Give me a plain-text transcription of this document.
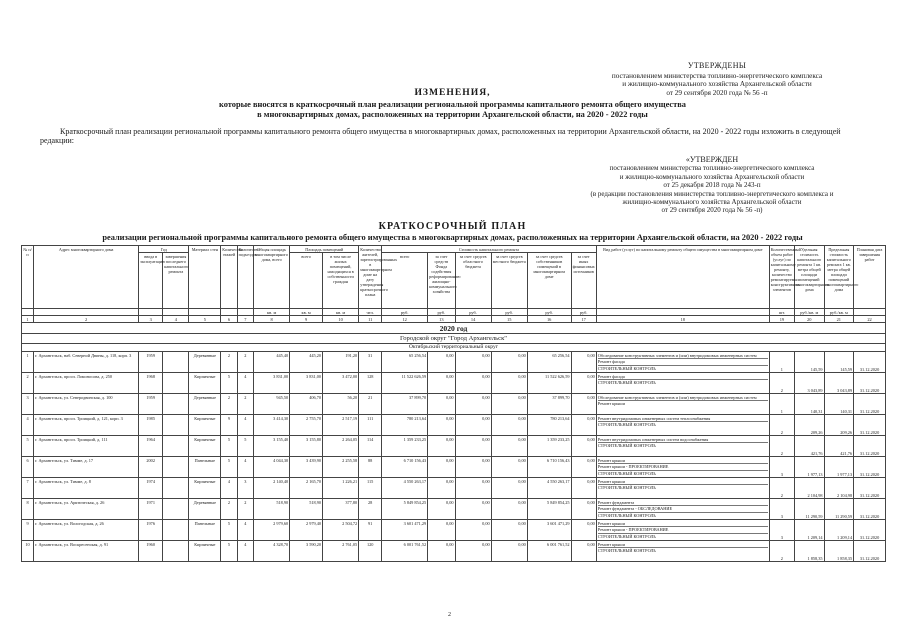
УТВЕРЖДЕНЫ
постановлением министерства топливно-энергетического комплекса
и жилищно-коммунального хозяйства Архангельской области
от 29 сентября 2020 года № 56 -п
ИЗМЕНЕНИЯ,
которые вносятся в краткосрочный план реализации региональной программы капитального ремонта общего имущества
в многоквартирных домах, расположенных на территории Архангельской области, на 2020 - 2022 годы
Краткосрочный план реализации региональной программы капитального ремонта общего имущества в многоквартирных домах, расположенных на территории Архангельской области, на 2020 - 2022 годы изложить в следующей редакции:
«УТВЕРЖДЕН
постановлением министерства топливно-энергетического комплекса
и жилищно-коммунального хозяйства Архангельской области
от 25 декабря 2018 года № 243-п
(в редакции постановления министерства топливно-энергетического комплекса и
жилищно-коммунального хозяйства Архангельской области
от 29 сентября 2020 года № 56 -п)
КРАТКОСРОЧНЫЙ ПЛАН
реализации региональной программы капитального ремонта общего имущества в многоквартирных домах, расположенных на территории Архангельской области, на 2020 - 2022 годы
№ п/п	Адрес многоквартирного дома	Год		Материал стен	Количество этажей	Количество подъездов	Общая площадь многоквартирного дома, всего	Площадь помещений		Количество жителей, зарегистрированных в многоквартирном доме на дату утверждения краткосрочного плана	Стоимость капитального ремонта						Вид работ (услуг) по капитальному ремонту общего имущества в многоквартирном доме	Количественный объем работ (услуг) по капитальному ремонту, количество ремонтируемых конструктивных элементов	Удельная стоимость капитального ремонта 1 кв. метра общей площади помещений многоквартирного дома	Предельная стоимость капитального ремонта 1 кв. метра общей площади помещений многоквартирного дома	Плановая дата завершения работ
		ввода в эксплуатацию	завершения последнего капитального ремонта					всего	в том числе жилых помещений, находящихся в собственности граждан		всего	за счет средств Фонда содействия реформированию жилищно-коммунального хозяйства	за счет средств областного бюджета	за счет средств местного бюджета	за счет средств собственников помещений в многоквартирном доме	за счет иных финансовых источников					

							кв. м	кв. м	кв. м	чел.	руб.	руб.	руб.	руб.	руб.	руб.		шт.	руб./кв. м	руб./кв. м	
1	2	3	4	5	6	7	8	9	10	11	12	13	14	15	16	17	18	19	20	21	22
2020 год																					
Городской округ "Город Архангельск"																					
Октябрьский территориальный округ																					
1	г. Архангельск, наб. Северной Двины, д. 118, корп. 3	1959		Деревянные	2	2	445,40	445,20	191,20	31	65 256,54	0,00	0,00	0,00	65 256,54	0,00	Обследование конструктивных элементов и (или) внутридомовых инженерных систем
Ремонт фасада
СТРОИТЕЛЬНЫЙ КОНТРОЛЬ	1	145,59	145,59	31.12.2020
2	г. Архангельск, просп. Ломоносова, д. 250	1968		Кирпичные	5	4	3 831,00	3 831,00	3 472,00	128	11 522 626,59	0,00	0,00	0,00	11 522 626,59	0,00	Ремонт фасада
СТРОИТЕЛЬНЫЙ КОНТРОЛЬ	2	3 043,89	3 043,89	31.12.2020
3	г. Архангельск, ул. Северодвинская, д. 100	1959		Деревянные	2	2	945,50	406,70	56,20	21	37 899,70	0,00	0,00	0,00	37 899,70	0,00	Обследование конструктивных элементов и (или) внутридомовых инженерных систем
Ремонт крыши	1	140,31	140,31	31.12.2020
4	г. Архангельск, просп. Троицкий, д. 121, корп. 3	1985		Кирпичные	9	4	3 414,30	2 755,70	2 517,19	111	780 213,64	0,00	0,00	0,00	780 213,64	0,00	Ремонт внутридомовых инженерных систем теплоснабжения
СТРОИТЕЛЬНЫЙ КОНТРОЛЬ	2	209,26	209,26	31.12.2020
5	г. Архангельск, просп. Троицкий, д. 111	1964		Кирпичные	5	5	3 155,40	3 155,80	2 264,05	114	1 359 233,25	0,00	0,00	0,00	1 359 233,25	0,00	Ремонт внутридомовых инженерных систем водоснабжения
СТРОИТЕЛЬНЫЙ КОНТРОЛЬ	2	421,76	421,76	31.12.2020
6	г. Архангельск, ул. Тимме, д. 17	2002		Панельные	5	4	4 044,30	3 439,90	2 255,58	88	6 710 156,43	0,00	0,00	0,00	6 710 156,43	0,00	Ремонт крыши
Ремонт крыши - ПРОЕКТИРОВАНИЕ
СТРОИТЕЛЬНЫЙ КОНТРОЛЬ	3	1 977,13	1 977,13	31.12.2020
7	г. Архангельск, ул. Тимме, д. 8	1974		Кирпичные	4	3	2 140,40	2 165,70	1 226,21	115	4 550 263,17	0,00	0,00	0,00	4 550 263,17	0,00	Ремонт крыши
СТРОИТЕЛЬНЫЙ КОНТРОЛЬ	2	2 104,98	2 104,98	31.12.2020
8	г. Архангельск, ул. Арктическая, д. 26	1971		Деревянные	2	2	518,90	518,90	377,80	28	5 849 854,25	0,00	0,00	0,00	5 849 854,25	0,00	Ремонт фундамента
Ремонт фундамента - ОБСЛЕДОВАНИЕ
СТРОИТЕЛЬНЫЙ КОНТРОЛЬ	3	11 290,59	11 290,59	31.12.2020
9	г. Архангельск, ул. Вологодская, д. 26	1976		Панельные	5	4	2 979,60	2 979,40	2 504,72	91	3 601 471,29	0,00	0,00	0,00	3 601 471,29	0,00	Ремонт крыши
Ремонт крыши - ПРОЕКТИРОВАНИЕ
СТРОИТЕЛЬНЫЙ КОНТРОЛЬ	3	1 209,14	1 209,14	31.12.2020
10	г. Архангельск, ул. Воскресенская, д. 91	1960		Кирпичные	5	4	4 328,70	3 590,20	2 761,05	120	6 001 761,52	0,00	0,00	0,00	6 001 761,52	0,00	Ремонт крыши
СТРОИТЕЛЬНЫЙ КОНТРОЛЬ	2	1 858,35	1 858,35	31.12.2020
2
